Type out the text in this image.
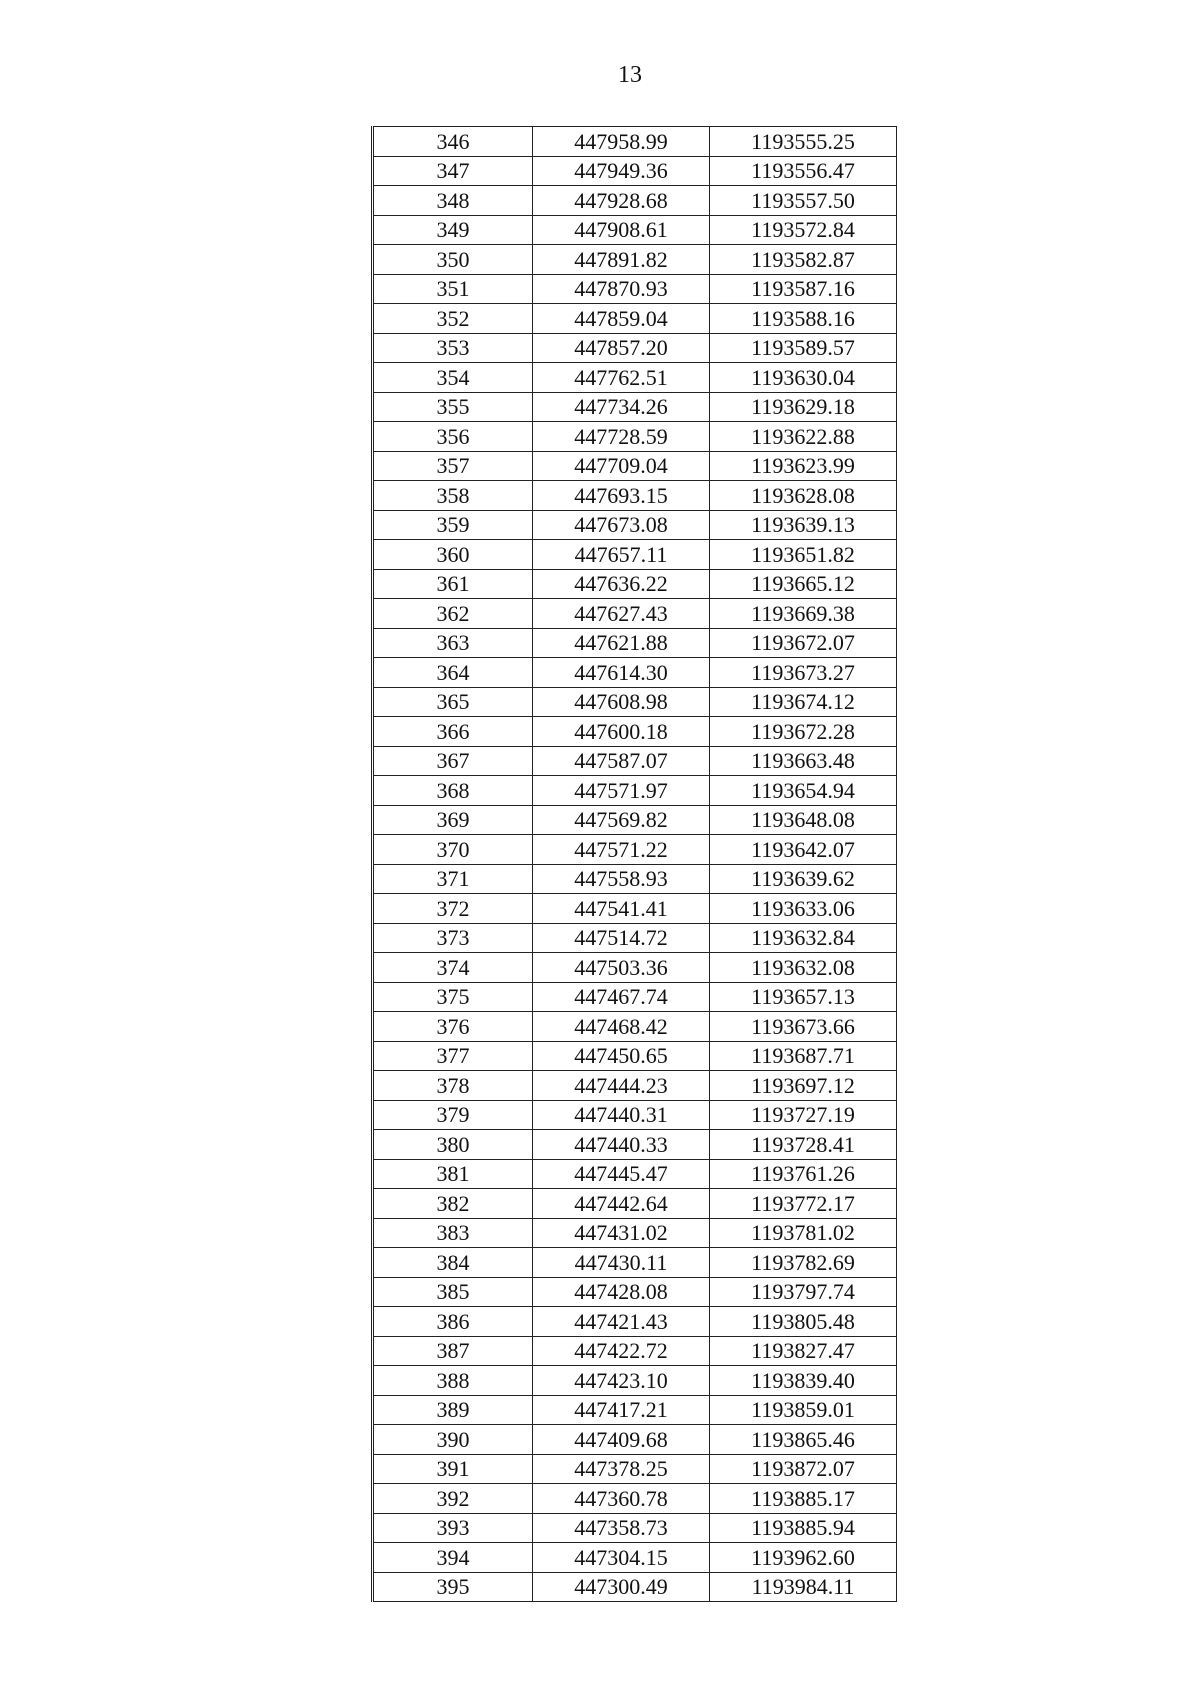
13
346	447958.99	1193555.25
347	447949.36	1193556.47
348	447928.68	1193557.50
349	447908.61	1193572.84
350	447891.82	1193582.87
351	447870.93	1193587.16
352	447859.04	1193588.16
353	447857.20	1193589.57
354	447762.51	1193630.04
355	447734.26	1193629.18
356	447728.59	1193622.88
357	447709.04	1193623.99
358	447693.15	1193628.08
359	447673.08	1193639.13
360	447657.11	1193651.82
361	447636.22	1193665.12
362	447627.43	1193669.38
363	447621.88	1193672.07
364	447614.30	1193673.27
365	447608.98	1193674.12
366	447600.18	1193672.28
367	447587.07	1193663.48
368	447571.97	1193654.94
369	447569.82	1193648.08
370	447571.22	1193642.07
371	447558.93	1193639.62
372	447541.41	1193633.06
373	447514.72	1193632.84
374	447503.36	1193632.08
375	447467.74	1193657.13
376	447468.42	1193673.66
377	447450.65	1193687.71
378	447444.23	1193697.12
379	447440.31	1193727.19
380	447440.33	1193728.41
381	447445.47	1193761.26
382	447442.64	1193772.17
383	447431.02	1193781.02
384	447430.11	1193782.69
385	447428.08	1193797.74
386	447421.43	1193805.48
387	447422.72	1193827.47
388	447423.10	1193839.40
389	447417.21	1193859.01
390	447409.68	1193865.46
391	447378.25	1193872.07
392	447360.78	1193885.17
393	447358.73	1193885.94
394	447304.15	1193962.60
395	447300.49	1193984.11
